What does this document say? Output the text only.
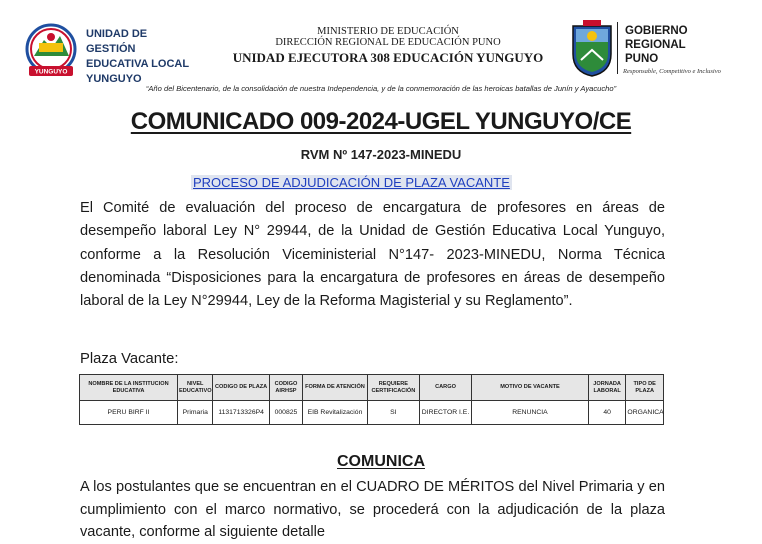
YUNGUYO
UNIDAD DE GESTIÓN
EDUCATIVA LOCAL
YUNGUYO
MINISTERIO DE EDUCACIÓN
DIRECCIÓN REGIONAL DE EDUCACIÓN PUNO
UNIDAD EJECUTORA 308 EDUCACIÓN YUNGUYO
GOBIERNO
REGIONAL
PUNO
Responsable, Competitivo e Inclusivo
“Año del Bicentenario, de la consolidación de nuestra Independencia, y de la conmemoración de las heroicas batallas de Junín y Ayacucho”
COMUNICADO 009-2024-UGEL YUNGUYO/CE
RVM Nº 147-2023-MINEDU
PROCESO DE ADJUDICACIÓN DE PLAZA VACANTE
El Comité de evaluación del proceso de encargatura de profesores en áreas de desempeño laboral Ley N° 29944, de la Unidad de Gestión Educativa Local Yunguyo, conforme a la Resolución Viceministerial N°147- 2023-MINEDU, Norma Técnica denominada “Disposiciones para la encargatura de profesores en áreas de desempeño laboral de la Ley N°29944, Ley de la Reforma Magisterial y su Reglamento”.
Plaza Vacante:
NOMBRE DE LA INSTITUCION EDUCATIVA	NIVEL EDUCATIVO	CODIGO DE PLAZA	CODIGO AIRHSP	FORMA DE ATENCIÓN	REQUIERE CERTIFICACIÓN	CARGO	MOTIVO DE VACANTE	JORNADA LABORAL	TIPO DE PLAZA
PERU BIRF II	Primaria	1131713326P4	000825	EIB Revitalización	SI	DIRECTOR I.E.	RENUNCIA	40	ORGANICA
COMUNICA
A los postulantes que se encuentran en el CUADRO DE MÉRITOS del Nivel Primaria y en cumplimiento con el marco normativo, se procederá con la adjudicación de la plaza vacante, conforme al siguiente detalle
